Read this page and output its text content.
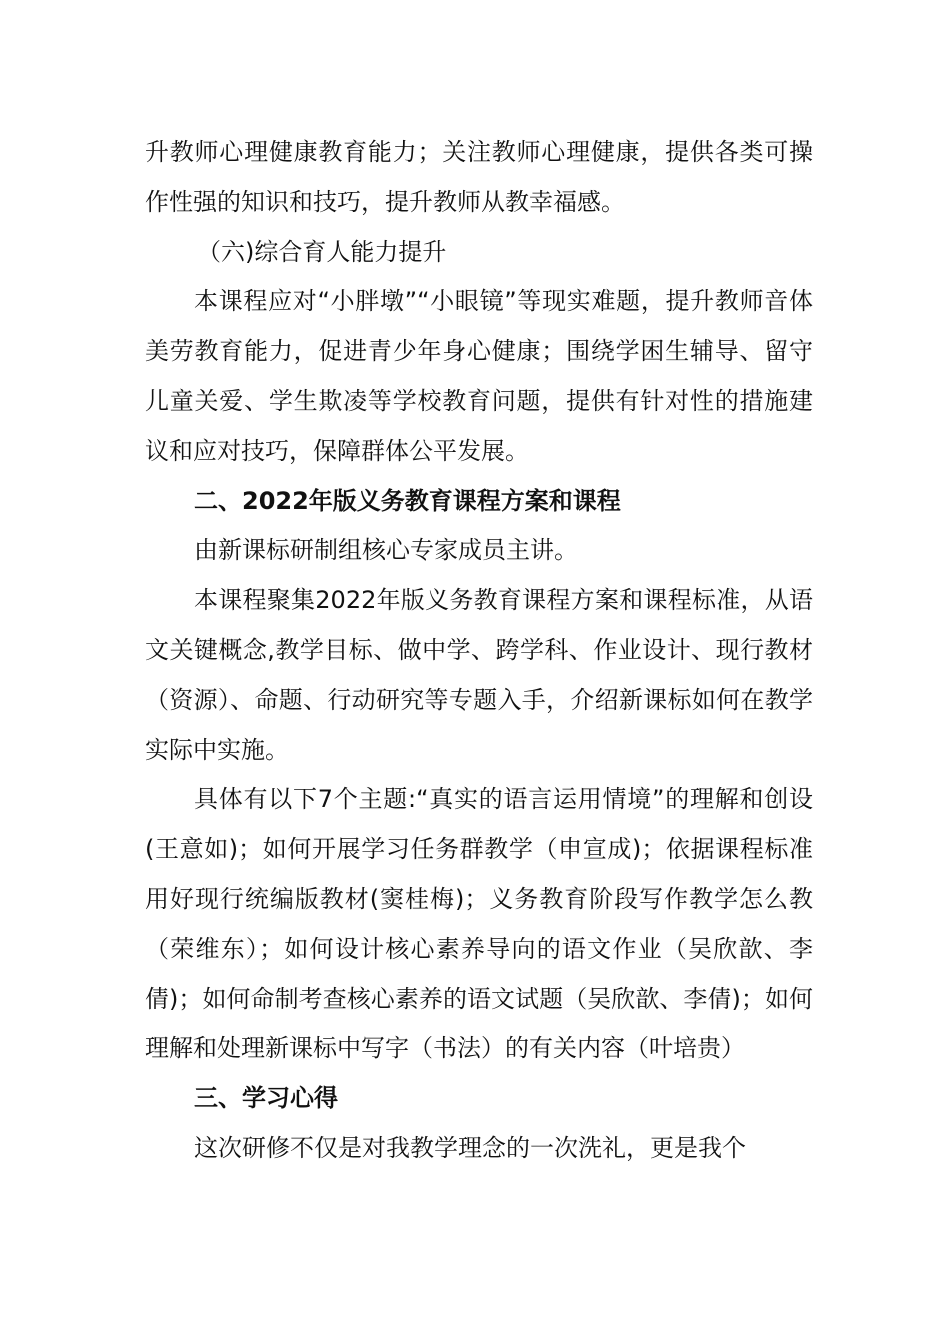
升教师心理健康教育能力；关注教师心理健康，提供各类可操作性强的知识和技巧，提升教师从教幸福感。

（六)综合育人能力提升

本课程应对“小胖墩”“小眼镜”等现实难题，提升教师音体美劳教育能力，促进青少年身心健康；围绕学困生辅导、留守儿童关爱、学生欺凌等学校教育问题，提供有针对性的措施建议和应对技巧，保障群体公平发展。

二、2022年版义务教育课程方案和课程

由新课标研制组核心专家成员主讲。

本课程聚集2022年版义务教育课程方案和课程标准，从语文关键概念,教学目标、做中学、跨学科、作业设计、现行教材（资源）、命题、行动研究等专题入手，介绍新课标如何在教学实际中实施。

具体有以下7个主题:“真实的语言运用情境”的理解和创设(王意如)；如何开展学习任务群教学（申宣成)；依据课程标准用好现行统编版教材(窦桂梅)；义务教育阶段写作教学怎么教（荣维东）；如何设计核心素养导向的语文作业（吴欣歆、李倩)；如何命制考查核心素养的语文试题（吴欣歆、李倩)；如何理解和处理新课标中写字（书法）的有关内容（叶培贵）

三、学习心得

这次研修不仅是对我教学理念的一次洗礼，更是我个
